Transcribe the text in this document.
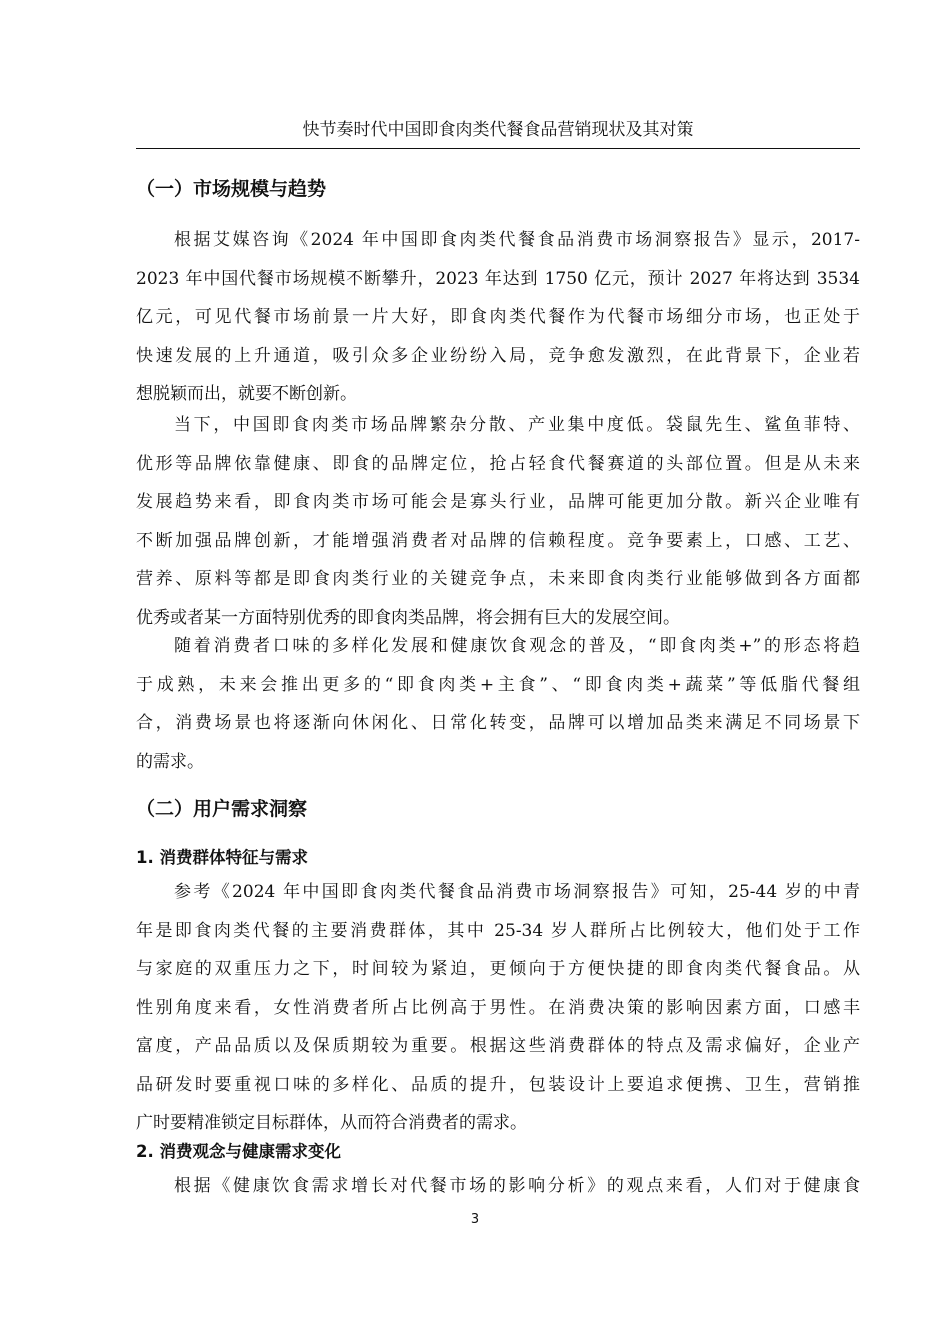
快节奏时代中国即食肉类代餐食品营销现状及其对策
（一）市场规模与趋势
根据艾媒咨询《2024 年中国即食肉类代餐食品消费市场洞察报告》显示，2017-
2023 年中国代餐市场规模不断攀升，2023 年达到 1750 亿元，预计 2027 年将达到 3534
亿元，可见代餐市场前景一片大好，即食肉类代餐作为代餐市场细分市场，也正处于
快速发展的上升通道，吸引众多企业纷纷入局，竞争愈发激烈，在此背景下，企业若
想脱颖而出，就要不断创新。
当下，中国即食肉类市场品牌繁杂分散、产业集中度低。袋鼠先生、鲨鱼菲特、
优形等品牌依靠健康、即食的品牌定位，抢占轻食代餐赛道的头部位置。但是从未来
发展趋势来看，即食肉类市场可能会是寡头行业，品牌可能更加分散。新兴企业唯有
不断加强品牌创新，才能增强消费者对品牌的信赖程度。竞争要素上，口感、工艺、
营养、原料等都是即食肉类行业的关键竞争点，未来即食肉类行业能够做到各方面都
优秀或者某一方面特别优秀的即食肉类品牌，将会拥有巨大的发展空间。
随着消费者口味的多样化发展和健康饮食观念的普及，“即食肉类+”的形态将趋
于成熟，未来会推出更多的“即食肉类+主食”、“即食肉类+蔬菜”等低脂代餐组
合，消费场景也将逐渐向休闲化、日常化转变，品牌可以增加品类来满足不同场景下
的需求。
（二）用户需求洞察
1. 消费群体特征与需求
参考《2024 年中国即食肉类代餐食品消费市场洞察报告》可知，25-44 岁的中青
年是即食肉类代餐的主要消费群体，其中 25-34 岁人群所占比例较大，他们处于工作
与家庭的双重压力之下，时间较为紧迫，更倾向于方便快捷的即食肉类代餐食品。从
性别角度来看，女性消费者所占比例高于男性。在消费决策的影响因素方面，口感丰
富度，产品品质以及保质期较为重要。根据这些消费群体的特点及需求偏好，企业产
品研发时要重视口味的多样化、品质的提升，包装设计上要追求便携、卫生，营销推
广时要精准锁定目标群体，从而符合消费者的需求。
2. 消费观念与健康需求变化
根据《健康饮食需求增长对代餐市场的影响分析》的观点来看，人们对于健康食
3
